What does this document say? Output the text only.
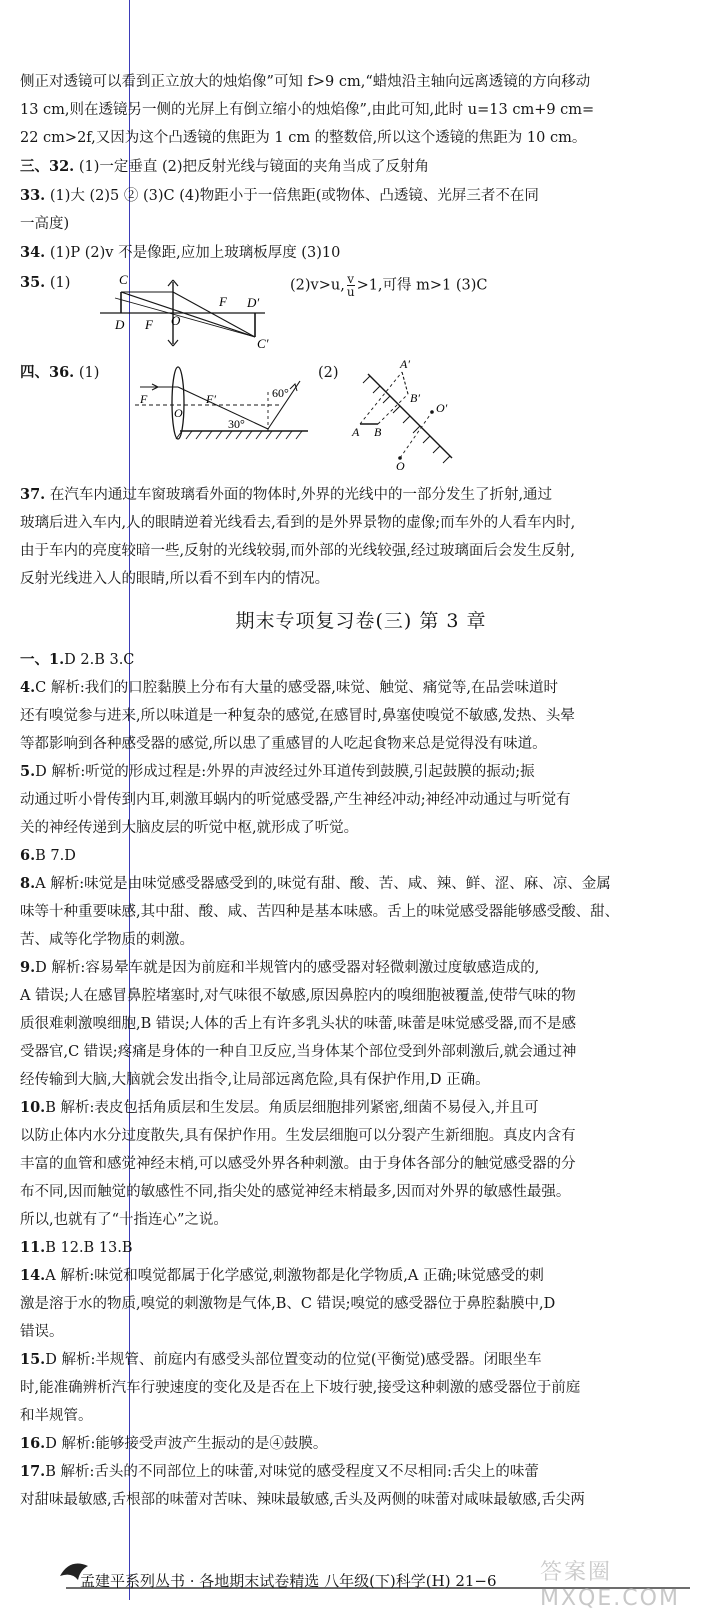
侧正对透镜可以看到正立放大的烛焰像”可知 f>9 cm,“蜡烛沿主轴向远离透镜的方向移动
13 cm,则在透镜另一侧的光屏上有倒立缩小的烛焰像”,由此可知,此时 u=13 cm+9 cm=
22 cm>2f,又因为这个凸透镜的焦距为 1 cm 的整数倍,所以这个透镜的焦距为 10 cm。
三、32. (1)一定垂直 (2)把反射光线与镜面的夹角当成了反射角
33. (1)大 (2)5 ② (3)C (4)物距小于一倍焦距(或物体、凸透镜、光屏三者不在同
一高度)
34. (1)P (2)v 不是像距,应加上玻璃板厚度 (3)10
37. 在汽车内通过车窗玻璃看外面的物体时,外界的光线中的一部分发生了折射,通过
玻璃后进入车内,人的眼睛逆着光线看去,看到的是外界景物的虚像;而车外的人看车内时,
由于车内的亮度较暗一些,反射的光线较弱,而外部的光线较强,经过玻璃面后会发生反射,
反射光线进入人的眼睛,所以看不到车内的情况。
一、1.D 2.B 3.C
4.C 解析:我们的口腔黏膜上分布有大量的感受器,味觉、触觉、痛觉等,在品尝味道时
还有嗅觉参与进来,所以味道是一种复杂的感觉,在感冒时,鼻塞使嗅觉不敏感,发热、头晕
等都影响到各种感受器的感觉,所以患了重感冒的人吃起食物来总是觉得没有味道。
5.D 解析:听觉的形成过程是:外界的声波经过外耳道传到鼓膜,引起鼓膜的振动;振
动通过听小骨传到内耳,刺激耳蜗内的听觉感受器,产生神经冲动;神经冲动通过与听觉有
关的神经传递到大脑皮层的听觉中枢,就形成了听觉。
6.B 7.D
8.A 解析:味觉是由味觉感受器感受到的,味觉有甜、酸、苦、咸、辣、鲜、涩、麻、凉、金属
味等十种重要味感,其中甜、酸、咸、苦四种是基本味感。舌上的味觉感受器能够感受酸、甜、
苦、咸等化学物质的刺激。
9.D 解析:容易晕车就是因为前庭和半规管内的感受器对轻微刺激过度敏感造成的,
A 错误;人在感冒鼻腔堵塞时,对气味很不敏感,原因鼻腔内的嗅细胞被覆盖,使带气味的物
质很难刺激嗅细胞,B 错误;人体的舌上有许多乳头状的味蕾,味蕾是味觉感受器,而不是感
受器官,C 错误;疼痛是身体的一种自卫反应,当身体某个部位受到外部刺激后,就会通过神
经传输到大脑,大脑就会发出指令,让局部远离危险,具有保护作用,D 正确。
10.B 解析:表皮包括角质层和生发层。角质层细胞排列紧密,细菌不易侵入,并且可
以防止体内水分过度散失,具有保护作用。生发层细胞可以分裂产生新细胞。真皮内含有
丰富的血管和感觉神经末梢,可以感受外界各种刺激。由于身体各部分的触觉感受器的分
布不同,因而触觉的敏感性不同,指尖处的感觉神经末梢最多,因而对外界的敏感性最强。
所以,也就有了“十指连心”之说。
11.B 12.B 13.B
14.A 解析:味觉和嗅觉都属于化学感觉,刺激物都是化学物质,A 正确;味觉感受的刺
激是溶于水的物质,嗅觉的刺激物是气体,B、C 错误;嗅觉的感受器位于鼻腔黏膜中,D
错误。
15.D 解析:半规管、前庭内有感受头部位置变动的位觉(平衡觉)感受器。闭眼坐车
时,能准确辨析汽车行驶速度的变化及是否在上下坡行驶,接受这种刺激的感受器位于前庭
和半规管。
16.D 解析:能够接受声波产生振动的是④鼓膜。
17.B 解析:舌头的不同部位上的味蕾,对味觉的感受程度又不尽相同:舌尖上的味蕾
对甜味最敏感,舌根部的味蕾对苦味、辣味最敏感,舌头及两侧的味蕾对咸味最敏感,舌尖两
期末专项复习卷(三) 第 3 章
35. (1)	(2)v>u, $\frac{v}{u} >1$,可得 m>1 (3)C
C
D F O
F D′
C′
四、36. (1)	(2)
F
O
F′
30°
60°
A′
B′
O′
A B
O
孟建平系列丛书 · 各地期末试卷精选 八年级(下)科学(H) 21−6 答案圈 MXQE.COM
